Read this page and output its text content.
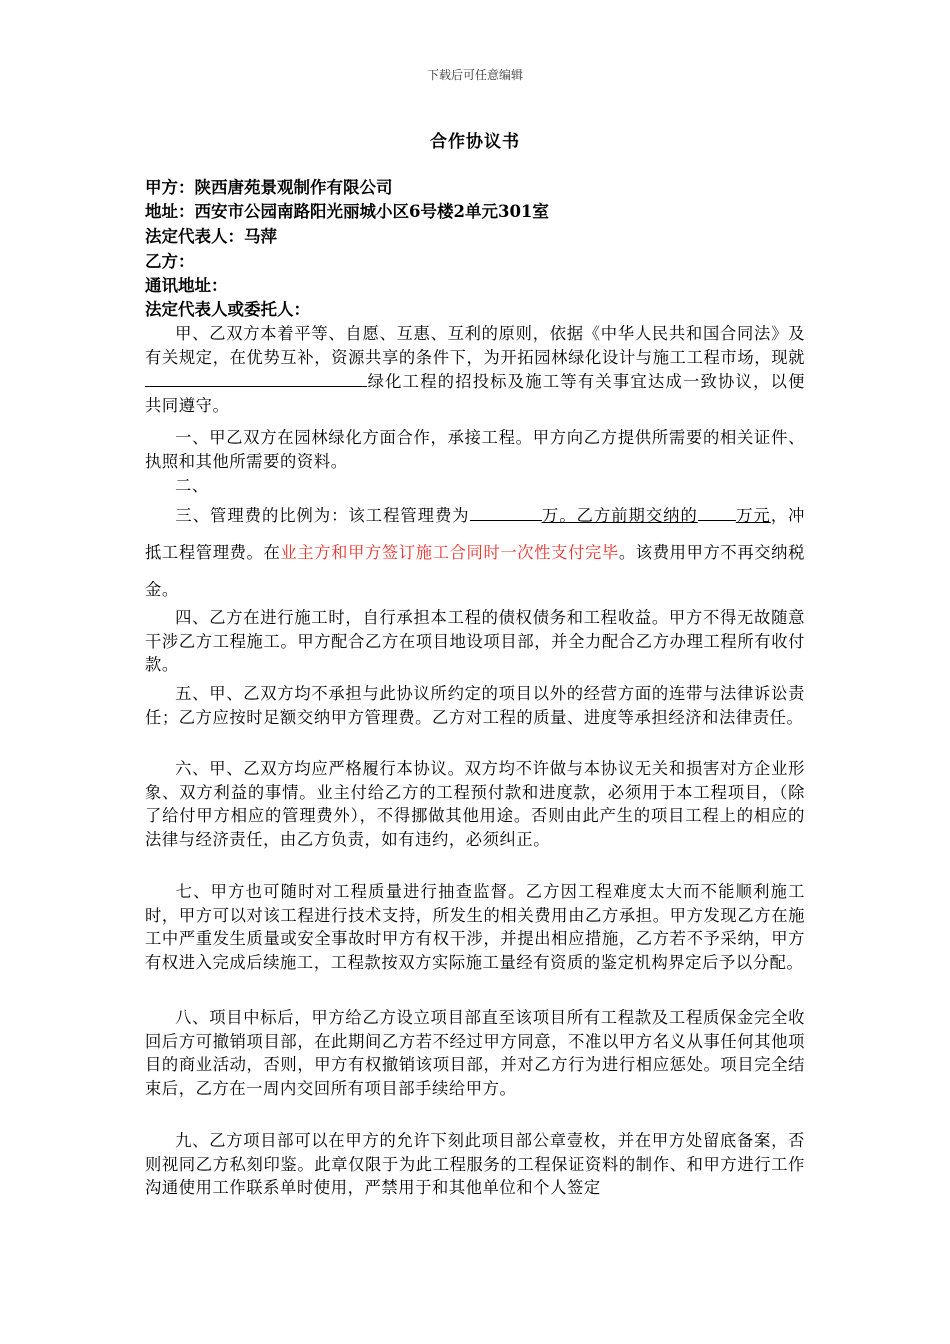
下载后可任意编辑
合作协议书
甲方：陕西唐苑景观制作有限公司
地址：西安市公园南路阳光丽城小区6号楼2单元301室
法定代表人：马萍
乙方：
通讯地址：
法定代表人或委托人：
甲、乙双方本着平等、自愿、互惠、互利的原则，依据《中华人民共和国合同法》及有关规定，在优势互补，资源共享的条件下，为开拓园林绿化设计与施工工程市场，现就绿化工程的招投标及施工等有关事宜达成一致协议，以便共同遵守。
一、甲乙双方在园林绿化方面合作，承接工程。甲方向乙方提供所需要的相关证件、执照和其他所需要的资料。
二、
三、管理费的比例为：该工程管理费为	万。乙方前期交纳的 万元，冲抵工程管理费。在业主方和甲方签订施工合同时一次性支付完毕。该费用甲方不再交纳税金。
四、乙方在进行施工时，自行承担本工程的债权债务和工程收益。甲方不得无故随意干涉乙方工程施工。甲方配合乙方在项目地设项目部，并全力配合乙方办理工程所有收付款。
五、甲、乙双方均不承担与此协议所约定的项目以外的经营方面的连带与法律诉讼责任；乙方应按时足额交纳甲方管理费。乙方对工程的质量、进度等承担经济和法律责任。
六、甲、乙双方均应严格履行本协议。双方均不许做与本协议无关和损害对方企业形象、双方利益的事情。业主付给乙方的工程预付款和进度款，必须用于本工程项目，（除了给付甲方相应的管理费外），不得挪做其他用途。否则由此产生的项目工程上的相应的法律与经济责任，由乙方负责，如有违约，必须纠正。
七、甲方也可随时对工程质量进行抽查监督。乙方因工程难度太大而不能顺利施工时，甲方可以对该工程进行技术支持，所发生的相关费用由乙方承担。甲方发现乙方在施工中严重发生质量或安全事故时甲方有权干涉，并提出相应措施，乙方若不予采纳，甲方有权进入完成后续施工，工程款按双方实际施工量经有资质的鉴定机构界定后予以分配。
八、项目中标后，甲方给乙方设立项目部直至该项目所有工程款及工程质保金完全收回后方可撤销项目部，在此期间乙方若不经过甲方同意，不准以甲方名义从事任何其他项目的商业活动，否则，甲方有权撤销该项目部，并对乙方行为进行相应惩处。项目完全结束后，乙方在一周内交回所有项目部手续给甲方。
九、乙方项目部可以在甲方的允许下刻此项目部公章壹枚，并在甲方处留底备案，否则视同乙方私刻印鉴。此章仅限于为此工程服务的工程保证资料的制作、和甲方进行工作沟通使用工作联系单时使用，严禁用于和其他单位和个人签定
